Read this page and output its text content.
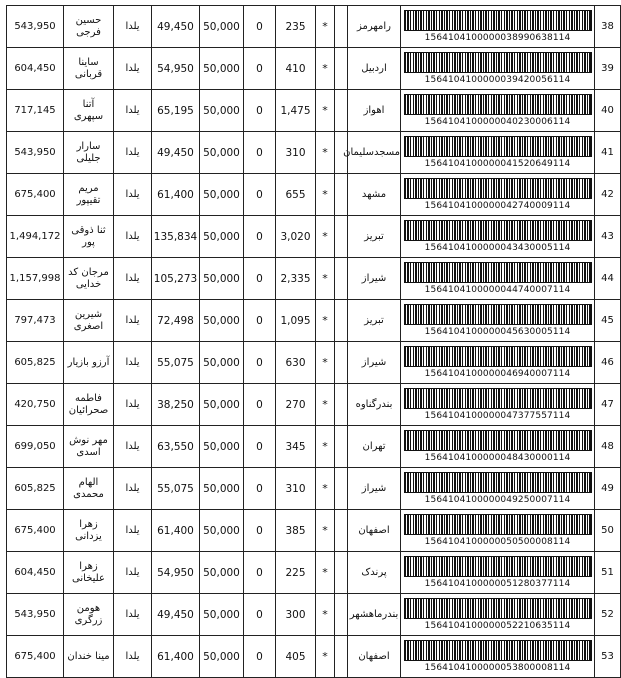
543,950	حسین فرجی	یلدا	49,450	50,000	0	235	*		رامهرمز	1564104100000038990638114	38
604,450	ساینا قربانی	یلدا	54,950	50,000	0	410	*		اردبیل	1564104100000039420056114	39
717,145	آتنا سپهری	یلدا	65,195	50,000	0	1,475	*		اهواز	1564104100000040230006114	40
543,950	سارار جلیلی	یلدا	49,450	50,000	0	310	*		مسجدسلیمان	1564104100000041520649114	41
675,400	مریم تقیپور	یلدا	61,400	50,000	0	655	*		مشهد	1564104100000042740009114	42
1,494,172	ثنا ذوقی پور	یلدا	135,834	50,000	0	3,020	*		تبریز	1564104100000043430005114	43
1,157,998	مرجان کد خدایی	یلدا	105,273	50,000	0	2,335	*		شیراز	1564104100000044740007114	44
797,473	شیرین اصغری	یلدا	72,498	50,000	0	1,095	*		تبریز	1564104100000045630005114	45
605,825	آرزو بازیار	یلدا	55,075	50,000	0	630	*		شیراز	1564104100000046940007114	46
420,750	فاطمه صحرائیان	یلدا	38,250	50,000	0	270	*		بندرگناوه	1564104100000047377557114	47
699,050	مهر نوش اسدی	یلدا	63,550	50,000	0	345	*		تهران	1564104100000048430000114	48
605,825	الهام محمدی	یلدا	55,075	50,000	0	310	*		شیراز	1564104100000049250007114	49
675,400	زهرا یزدانی	یلدا	61,400	50,000	0	385	*		اصفهان	1564104100000050500008114	50
604,450	زهرا علیخانی	یلدا	54,950	50,000	0	225	*		پرندک	1564104100000051280377114	51
543,950	هومن زرگری	یلدا	49,450	50,000	0	300	*		بندرماهشهر	1564104100000052210635114	52
675,400	مینا خندان	یلدا	61,400	50,000	0	405	*		اصفهان	1564104100000053800008114	53
